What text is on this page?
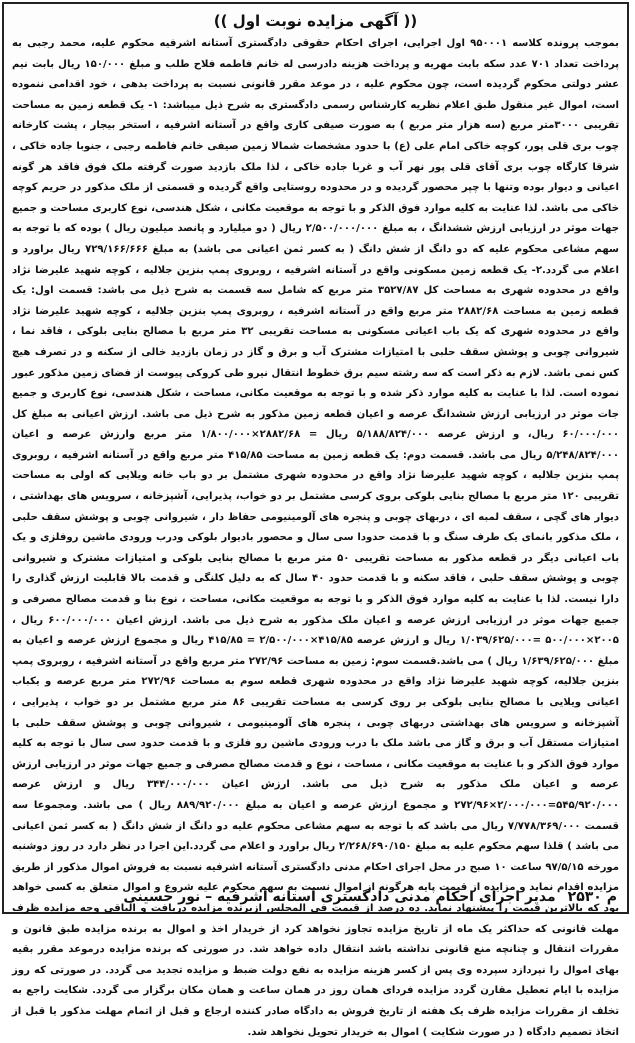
(( آگهی مزایده نوبت اول ))
بموجب پرونده کلاسه ۹۵۰۰۰۱ اول اجرایی، اجرای احکام حقوقی دادگستری آستانه اشرفیه محکوم علیه، محمد رجبی به پرداخت تعداد ۷۰۱ عدد سکه بابت مهریه و پرداخت هزینه دادرسی له خانم فاطمه فلاح طلب و مبلغ ۱۵۰/۰۰۰ ریال بابت نیم عشر دولتی محکوم گردیده است، چون محکوم علیه ، در موعد مقرر قانونی نسبت به پرداخت بدهی ، خود اقدامی ننموده است، اموال غیر منقول طبق اعلام نظریه کارشناس رسمی دادگستری به شرح ذیل میباشد: ۱- یک قطعه زمین به مساحت تقریبی ۳۰۰۰متر مربع (سه هزار متر مربع ) به صورت صیفی کاری واقع در آستانه اشرفیه ، استخر بیجار ، پشت کارخانه چوب بری قلی پور، کوچه خاکی امام علی (ع) با حدود مشخصات شمالا زمین صیفی خانم فاطمه رجبی ، جنوبا جاده خاکی ، شرقا کارگاه چوب بری آقای قلی پور نهر آب و غربا جاده خاکی ، لذا ملک بازدید صورت گرفته ملک فوق فاقد هر گونه اعیانی و دیوار بوده وتنها با چپر محصور گردیده و در محدوده روستایی واقع گردیده و قسمتی از ملک مذکور در حریم کوچه خاکی می باشد. لذا عنایت به کلیه موارد فوق الذکر و با توجه به موقعیت مکانی ، شکل هندسی، نوع کاربری مساحت و جمیع جهات موثر در ارزیابی ارزش ششدانگ ، به مبلغ ۲/۵۰۰/۰۰۰/۰۰۰ ریال ( دو میلیارد و پانصد میلیون ریال ) بوده که با توجه به سهم مشاعی محکوم علیه که دو دانگ از شش دانگ ( به کسر ثمن اعیانی می باشد) به مبلغ ۷۲۹/۱۶۶/۶۶۶ ریال براورد و اعلام می گردد.۲- یک قطعه زمین مسکونی واقع در آستانه اشرفیه ، روبروی پمپ بنزین جلالیه ، کوچه شهید علیرضا نژاد واقع در محدوده شهری به مساحت کل ۳۵۲۷/۸۷ متر مربع که شامل سه قسمت به شرح ذیل می باشد: قسمت اول: یک قطعه زمین به مساحت ۲۸۸۲/۶۸ متر مربع واقع در آستانه اشرفیه ، روبروی پمپ بنزین جلالیه ، کوچه شهید علیرضا نژاد واقع در محدوده شهری که یک باب اعیانی مسکونی به مساحت تقریبی ۳۲ متر مربع با مصالح بنایی بلوکی ، فاقد نما ، شیروانی چوبی و پوشش سقف حلبی با امتیازات مشترک آب و برق و گاز در زمان بازدید خالی از سکنه و در تصرف هیچ کس نمی باشد. لازم به ذکر است که سه رشته سیم برق خطوط انتقال نیرو طی کروکی پیوست از فضای زمین مذکور عبور نموده است. لذا با عنایت به کلیه موارد ذکر شده و با توجه به موقعیت مکانی، مساحت ، شکل هندسی، نوع کاربری و جمیع جات موثر در ارزیابی ارزش ششدانگ عرصه و اعیان قطعه زمین مذکور به شرح ذیل می باشد. ارزش اعیانی به مبلغ کل ۶۰/۰۰۰/۰۰۰ ریال، و ارزش عرصه ۵/۱۸۸/۸۲۴/۰۰۰ ریال = ۲۸۸۲/۶۸×۱/۸۰۰/۰۰۰ متر مربع وارزش عرصه و اعیان ۵/۲۴۸/۸۲۴/۰۰۰ ریال می باشد. قسمت دوم: یک قطعه زمین به مساحت ۴۱۵/۸۵ متر مربع واقع در آستانه اشرفیه ، روبروی پمپ بنزین جلالیه ، کوچه شهید علیرضا نژاد واقع در محدوده شهری مشتمل بر دو باب خانه ویلایی که اولی به مساحت تقریبی ۱۲۰ متر مربع با مصالح بنایی بلوکی بروی کرسی مشتمل بر دو خواب، پذیرایی، آشپزخانه ، سرویس های بهداشتی ، دیوار های گچی ، سقف لمبه ای ، دربهای چوبی و پنجره های آلومینیومی حفاظ دار ، شیروانی چوبی و پوشش سقف حلبی ، ملک مذکور بانمای یک طرف سنگ و با قدمت حدودا سی سال و محصور بادیوار بلوکی ودرب ورودی ماشین روفلزی و یک باب اعیانی دیگر در قطعه مذکور به مساحت تقریبی ۵۰ متر مربع با مصالح بنایی بلوکی و امتیازات مشترک و شیروانی چوبی و پوشش سقف حلبی ، فاقد سکنه و با قدمت حدود ۴۰ سال که به دلیل کلنگی و قدمت بالا قابلیت ارزش گذاری را دارا نیست. لذا با عنایت به کلیه موارد فوق الذکر و با توجه به موقعیت مکانی، مساحت ، نوع بنا و قدمت مصالح مصرفی و جمیع جهات موثر در ارزیابی ارزش عرصه و اعیان ملک مذکور به شرح ذیل می باشد. ارزش اعیان ۶۰۰/۰۰۰/۰۰۰ ریال ، ۲۰۰۵×۵۰۰/۰۰۰ =۱/۰۳۹/۶۲۵/۰۰۰ ریال و ارزش عرصه ۴۱۵/۸۵×۲/۵۰۰/۰۰۰ = ۴۱۵/۸۵ ریال و مجموع ارزش عرصه و اعیان به مبلغ ۱/۶۳۹/۶۲۵/۰۰۰ ریال ) می باشد.قسمت سوم: زمین به مساحت ۲۷۲/۹۶ متر مربع واقع در آستانه اشرفیه ، روبروی پمپ بنزین جلالیه، کوچه شهید علیرضا نژاد واقع در محدوده شهری قطعه سوم به مساحت ۲۷۲/۹۶ متر مربع عرصه و یکباب اعیانی ویلایی با مصالح بنایی بلوکی بر روی کرسی به مساحت تقریبی ۸۶ متر مربع مشتمل بر دو خواب ، پذیرایی ، آشپزخانه و سرویس های بهداشتی دربهای چوبی ، پنجره های آلومینیومی ، شیروانی چوبی و پوشش سقف حلبی با امتیازات مستقل آب و برق و گاز می باشد ملک با درب ورودی ماشین رو فلزی و با قدمت حدود سی سال با توجه به کلیه موارد فوق الذکر و با عنایت به موقعیت مکانی ، مساحت ، نوع و قدمت مصالح مصرفی و جمیع جهات موثر در ارزیابی ارزش عرصه و اعیان ملک مذکور به شرح ذیل می باشد. ارزش اعیان ۳۴۴/۰۰۰/۰۰۰ ریال و ارزش عرصه ۵۴۵/۹۲۰/۰۰۰=۲/۰۰۰/۰۰۰×۲۷۲/۹۶ و مجموع ارزش عرصه و اعیان به مبلغ ۸۸۹/۹۲۰/۰۰۰ ریال ) می باشد. ومجموعا سه قسمت ۷/۷۷۸/۳۶۹/۰۰۰ ریال می باشد که با توجه به سهم مشاعی محکوم علیه دو دانگ از شش دانگ ( به کسر ثمن اعیانی می باشد ) قلذا سهم محکوم علیه به مبلغ ۲/۲۶۸/۶۹۰/۱۵۰ ریال براورد و اعلام می گردد.این اجرا در نظر دارد در روز دوشنبه مورخه ۹۷/۵/۱۵ ساعت ۱۰ صبح در محل اجرای احکام مدنی دادگستری آستانه اشرفیه نسبت به فروش اموال مذکور از طریق مزایده اقدام نماید و مزایده از قیمت پایه هرگونه از اموال نسبت به سهم محکوم علیه شروع و اموال متعلق به کسی خواهد بود که بالاترین قیمت را پیشنهاد نماید. ده درصد از قیمت فی المجلس ازبرنده مزایده دریافت و الباقی وجه مزایده ظرف مهلت قانونی که حداکثر یک ماه از تاریخ مزایده تجاوز نخواهد کرد از خریدار اخذ و اموال به برنده مزایده طبق قانون و مقررات انتقال و چنانچه منع قانونی نداشته باشد انتقال داده خواهد شد. در صورتی که برنده مزایده درموعد مقرر بقیه بهای اموال را نپردازد سپرده وی پس از کسر هزینه مزایده به نفع دولت ضبط و مزایده تجدید می گردد. در صورتی که روز مزایده با ایام تعطیل مقارن گردد مزایده فردای همان روز در همان ساعت و همان مکان برگزار می گردد. شکایت راجع به تخلف از مقررات مزایده ظرف یک هفته از تاریخ فروش به دادگاه صادر کننده ارجاع و قبل از اتمام مهلت مذکور یا قبل از اتخاذ تصمیم دادگاه ( در صورت شکایت ) اموال به خریدار تحویل نخواهد شد.
م ۲۵۳۰
مدیر اجرای احکام مدنی دادگستری آستانه اشرفیه – نور حسینی
